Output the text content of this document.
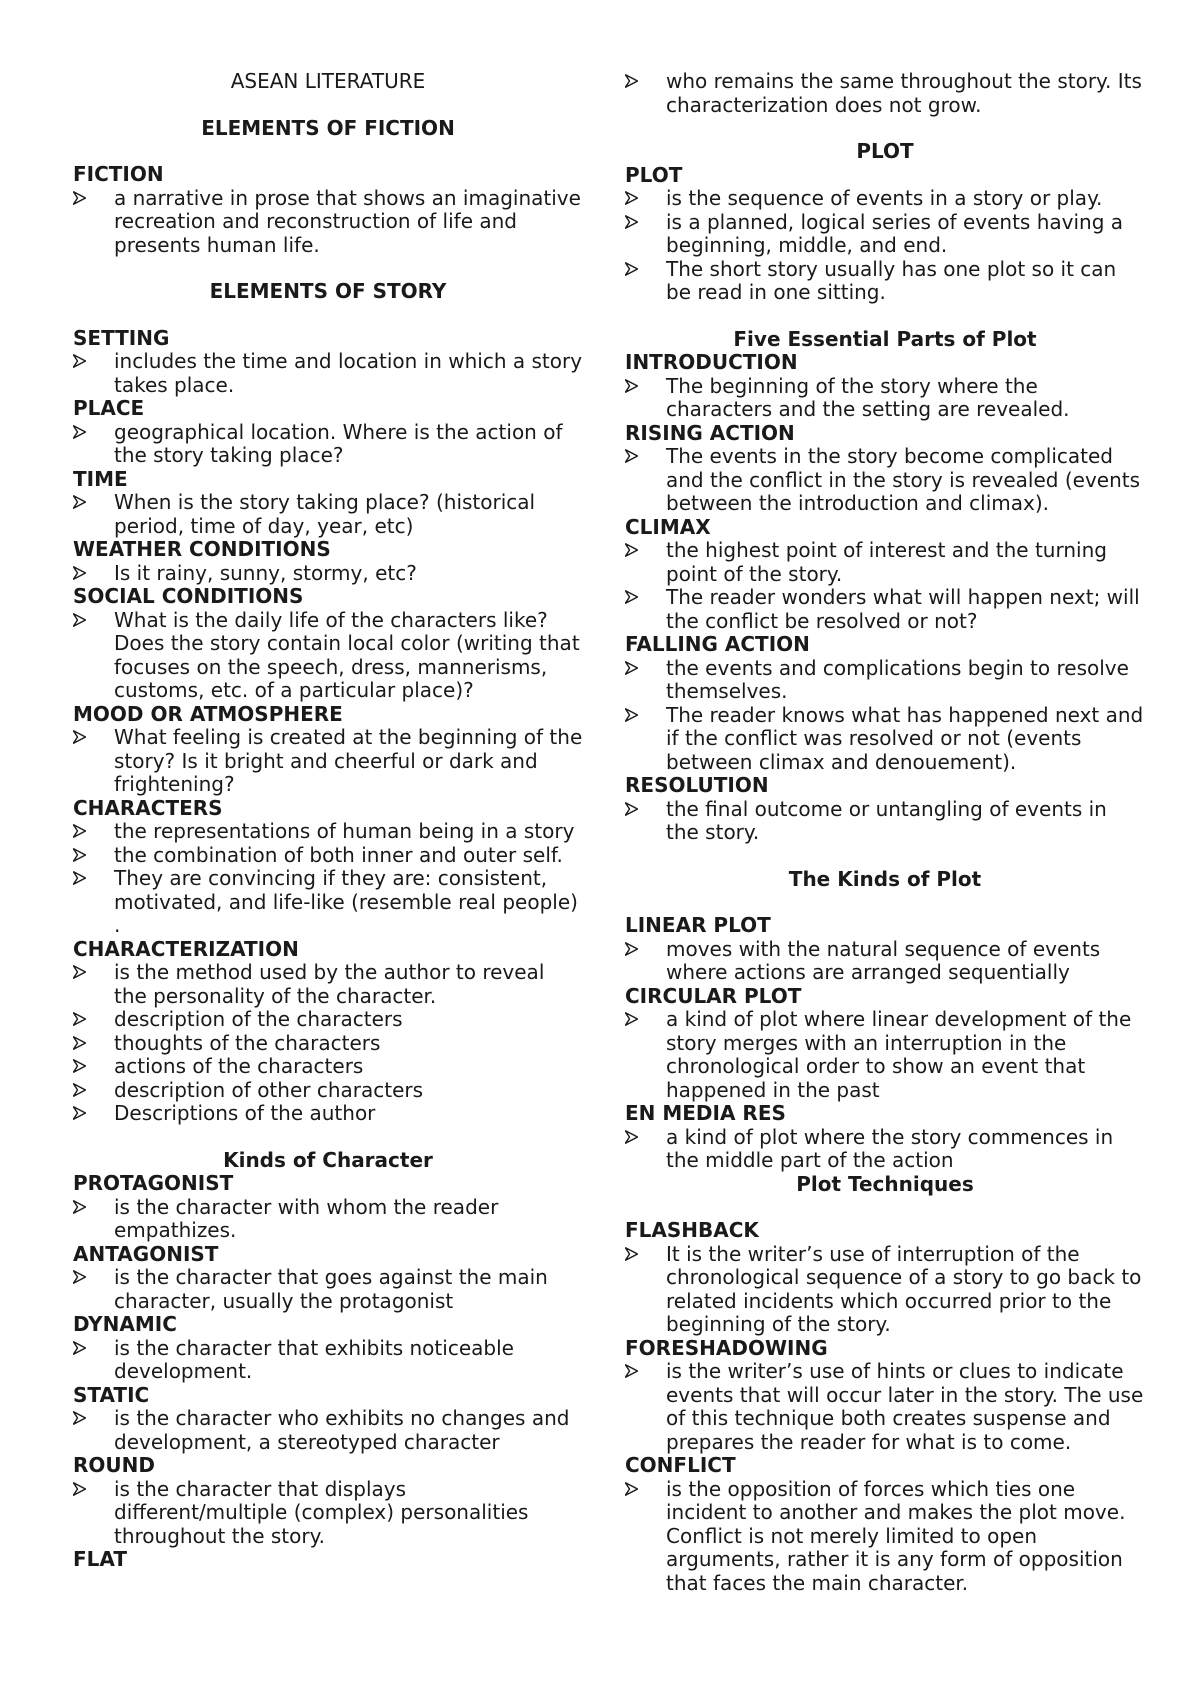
ASEAN LITERATURE
ELEMENTS OF FICTION
FICTION
a narrative in prose that shows an imaginative recreation and reconstruction of life and presents human life.
ELEMENTS OF STORY
SETTING
includes the time and location in which a story takes place.
PLACE
geographical location. Where is the action of the story taking place?
TIME
When is the story taking place? (historical period, time of day, year, etc)
WEATHER CONDITIONS
Is it rainy, sunny, stormy, etc?
SOCIAL CONDITIONS
What is the daily life of the characters like? Does the story contain local color (writing that focuses on the speech, dress, mannerisms, customs, etc. of a particular place)?
MOOD OR ATMOSPHERE
What feeling is created at the beginning of the story? Is it bright and cheerful or dark and frightening?
CHARACTERS
the representations of human being in a story
the combination of both inner and outer self.
They are convincing if they are: consistent, motivated, and life-like (resemble real people) .
CHARACTERIZATION
is the method used by the author to reveal the personality of the character.
description of the characters
thoughts of the characters
actions of the characters
description of other characters
Descriptions of the author
Kinds of Character
PROTAGONIST
is the character with whom the reader empathizes.
ANTAGONIST
is the character that goes against the main character, usually the protagonist
DYNAMIC
is the character that exhibits noticeable development.
STATIC
is the character who exhibits no changes and development, a stereotyped character
ROUND
is the character that displays different/multiple (complex) personalities throughout the story.
FLAT
who remains the same throughout the story. Its characterization does not grow.
PLOT
PLOT
is the sequence of events in a story or play.
is a planned, logical series of events having a beginning, middle, and end.
The short story usually has one plot so it can be read in one sitting.
Five Essential Parts of Plot
INTRODUCTION
The beginning of the story where the characters and the setting are revealed.
RISING ACTION
The events in the story become complicated and the conflict in the story is revealed (events between the introduction and climax).
CLIMAX
the highest point of interest and the turning point of the story.
The reader wonders what will happen next; will the conflict be resolved or not?
FALLING ACTION
the events and complications begin to resolve themselves.
The reader knows what has happened next and if the conflict was resolved or not (events between climax and denouement).
RESOLUTION
the final outcome or untangling of events in the story.
The Kinds of Plot
LINEAR PLOT
moves with the natural sequence of events where actions are arranged sequentially
CIRCULAR PLOT
a kind of plot where linear development of the story merges with an interruption in the chronological order to show an event that happened in the past
EN MEDIA RES
a kind of plot where the story commences in the middle part of the action
Plot Techniques
FLASHBACK
It is the writer’s use of interruption of the chronological sequence of a story to go back to related incidents which occurred prior to the beginning of the story.
FORESHADOWING
is the writer’s use of hints or clues to indicate events that will occur later in the story. The use of this technique both creates suspense and prepares the reader for what is to come.
CONFLICT
is the opposition of forces which ties one incident to another and makes the plot move. Conflict is not merely limited to open arguments, rather it is any form of opposition that faces the main character.
